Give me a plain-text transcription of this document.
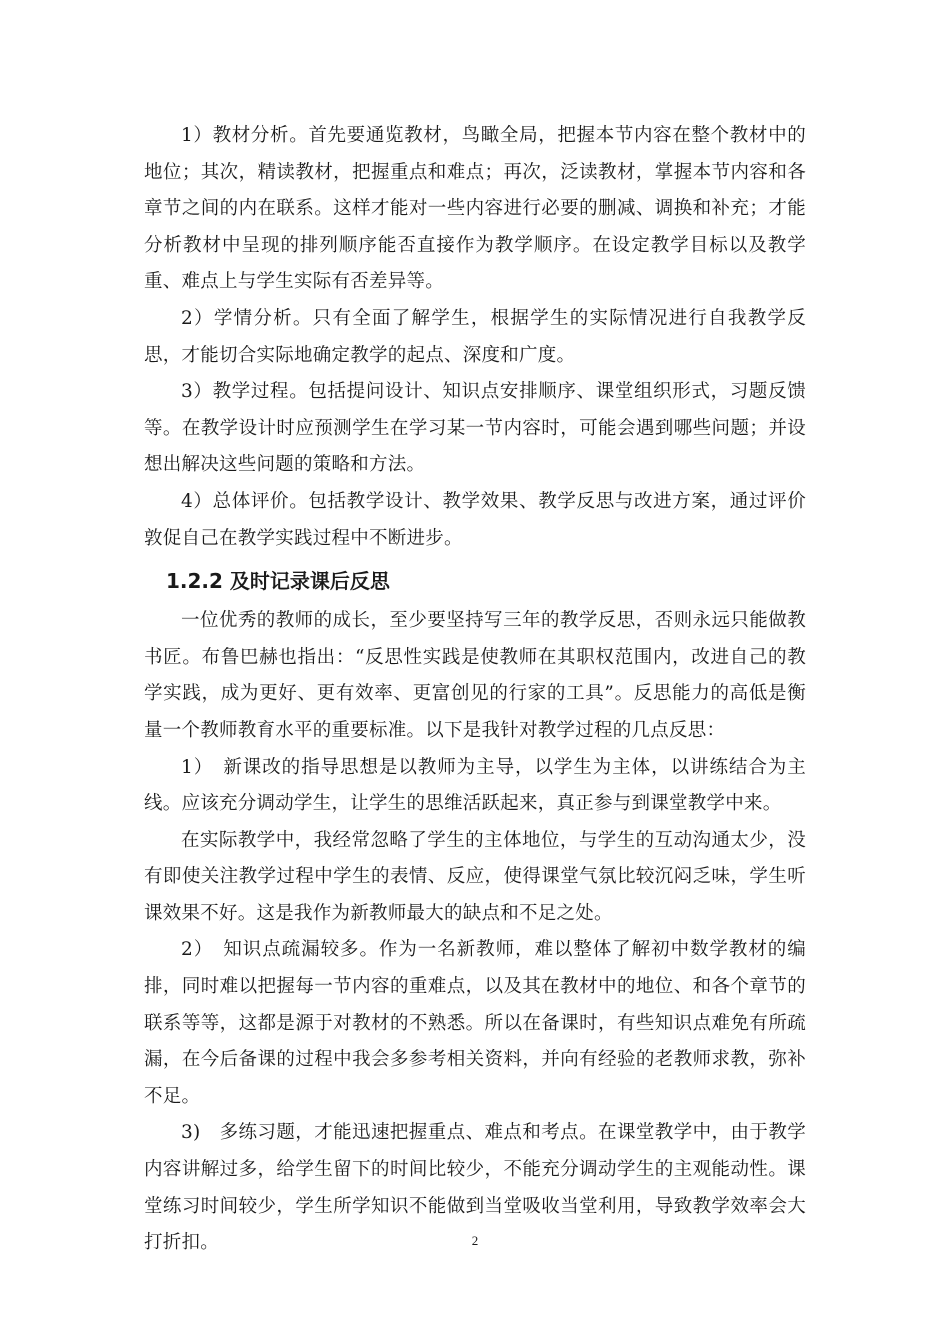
1）教材分析。首先要通览教材，鸟瞰全局，把握本节内容在整个教材中的地位；其次，精读教材，把握重点和难点；再次，泛读教材，掌握本节内容和各章节之间的内在联系。这样才能对一些内容进行必要的删减、调换和补充；才能分析教材中呈现的排列顺序能否直接作为教学顺序。在设定教学目标以及教学重、难点上与学生实际有否差异等。

2）学情分析。只有全面了解学生，根据学生的实际情况进行自我教学反思，才能切合实际地确定教学的起点、深度和广度。

3）教学过程。包括提问设计、知识点安排顺序、课堂组织形式，习题反馈等。在教学设计时应预测学生在学习某一节内容时，可能会遇到哪些问题；并设想出解决这些问题的策略和方法。

4）总体评价。包括教学设计、教学效果、教学反思与改进方案，通过评价敦促自己在教学实践过程中不断进步。

1.2.2 及时记录课后反思

一位优秀的教师的成长，至少要坚持写三年的教学反思，否则永远只能做教书匠。布鲁巴赫也指出：“反思性实践是使教师在其职权范围内，改进自己的教学实践，成为更好、更有效率、更富创见的行家的工具”。反思能力的高低是衡量一个教师教育水平的重要标准。以下是我针对教学过程的几点反思：

1）　新课改的指导思想是以教师为主导，以学生为主体，以讲练结合为主线。应该充分调动学生，让学生的思维活跃起来，真正参与到课堂教学中来。

在实际教学中，我经常忽略了学生的主体地位，与学生的互动沟通太少，没有即使关注教学过程中学生的表情、反应，使得课堂气氛比较沉闷乏味，学生听课效果不好。这是我作为新教师最大的缺点和不足之处。

2）　知识点疏漏较多。作为一名新教师，难以整体了解初中数学教材的编排，同时难以把握每一节内容的重难点，以及其在教材中的地位、和各个章节的联系等等，这都是源于对教材的不熟悉。所以在备课时，有些知识点难免有所疏漏，在今后备课的过程中我会多参考相关资料，并向有经验的老教师求教，弥补不足。

3)　多练习题，才能迅速把握重点、难点和考点。在课堂教学中，由于教学内容讲解过多，给学生留下的时间比较少，不能充分调动学生的主观能动性。课堂练习时间较少，学生所学知识不能做到当堂吸收当堂利用，导致教学效率会大打折扣。	2
